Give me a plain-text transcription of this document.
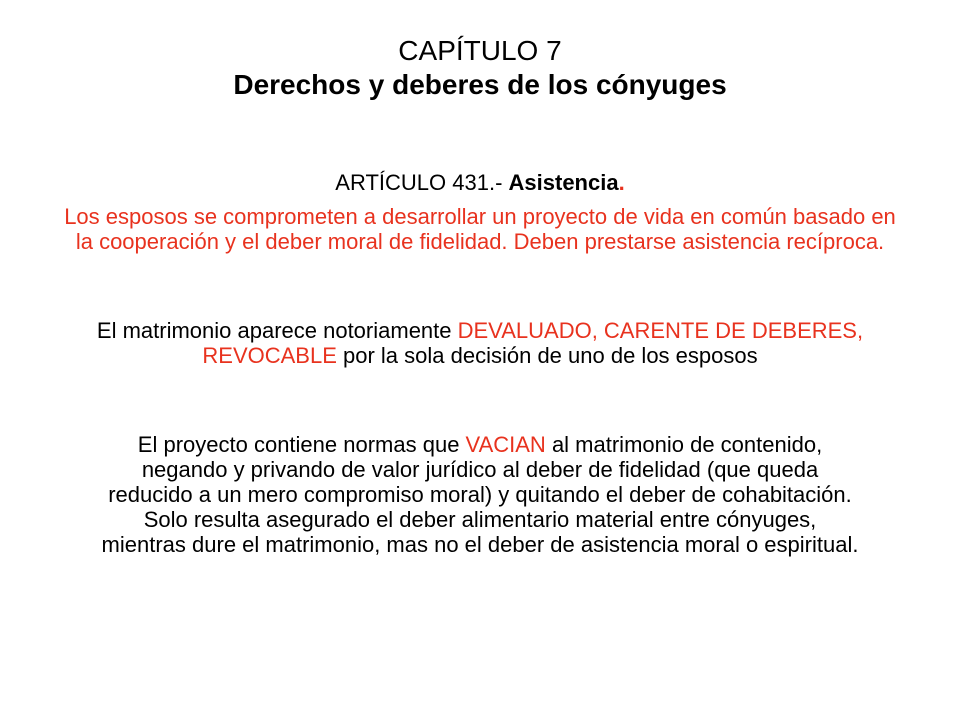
CAPÍTULO 7
Derechos y deberes de los cónyuges
ARTÍCULO 431.- Asistencia.
Los esposos se comprometen a desarrollar un proyecto de vida en común basado en la cooperación y el deber moral de fidelidad. Deben prestarse asistencia recíproca.
El matrimonio aparece notoriamente DEVALUADO, CARENTE DE DEBERES, REVOCABLE por la sola decisión de uno de los esposos
El proyecto contiene normas que VACIAN al matrimonio de contenido, negando y privando de valor jurídico al deber de fidelidad (que queda reducido a un mero compromiso moral) y quitando el deber de cohabitación. Solo resulta asegurado el deber alimentario material entre cónyuges, mientras dure el matrimonio, mas no el deber de asistencia moral o espiritual.
